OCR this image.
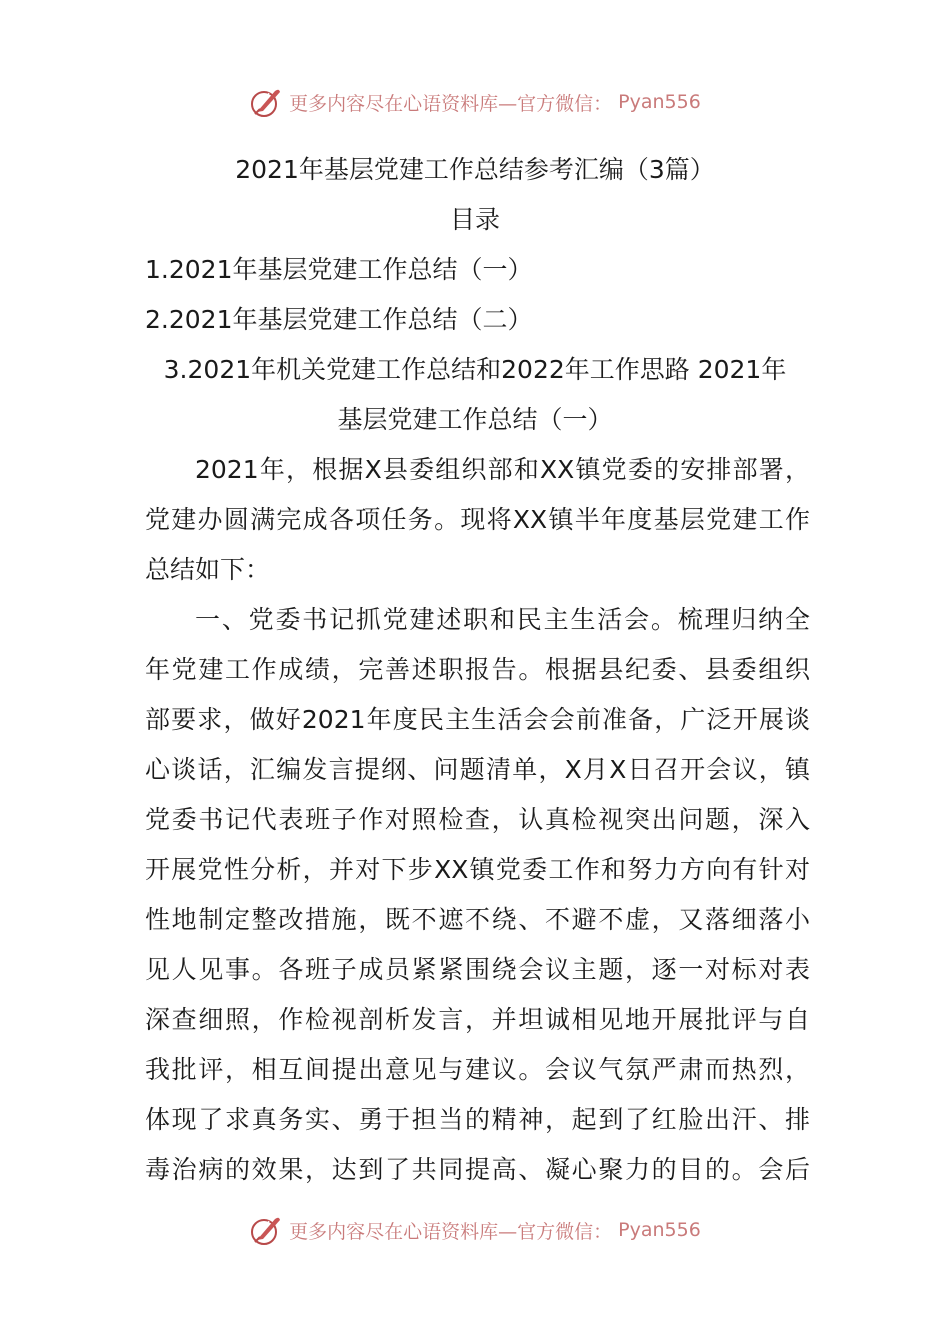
更多内容尽在心语资料库—官方微信： Pyan556
2021年基层党建工作总结参考汇编（3篇）
目录
1.2021年基层党建工作总结（一）
2.2021年基层党建工作总结（二）
3.2021年机关党建工作总结和2022年工作思路 2021年
基层党建工作总结（一）
2021年，根据X县委组织部和XX镇党委的安排部署，
党建办圆满完成各项任务。现将XX镇半年度基层党建工作
总结如下：
一、党委书记抓党建述职和民主生活会。梳理归纳全
年党建工作成绩，完善述职报告。根据县纪委、县委组织
部要求，做好2021年度民主生活会会前准备，广泛开展谈
心谈话，汇编发言提纲、问题清单，X月X日召开会议，镇
党委书记代表班子作对照检查，认真检视突出问题，深入
开展党性分析，并对下步XX镇党委工作和努力方向有针对
性地制定整改措施，既不遮不绕、不避不虚，又落细落小
见人见事。各班子成员紧紧围绕会议主题，逐一对标对表
深查细照，作检视剖析发言，并坦诚相见地开展批评与自
我批评，相互间提出意见与建议。会议气氛严肃而热烈，
体现了求真务实、勇于担当的精神，起到了红脸出汗、排
毒治病的效果，达到了共同提高、凝心聚力的目的。会后
更多内容尽在心语资料库—官方微信： Pyan556
